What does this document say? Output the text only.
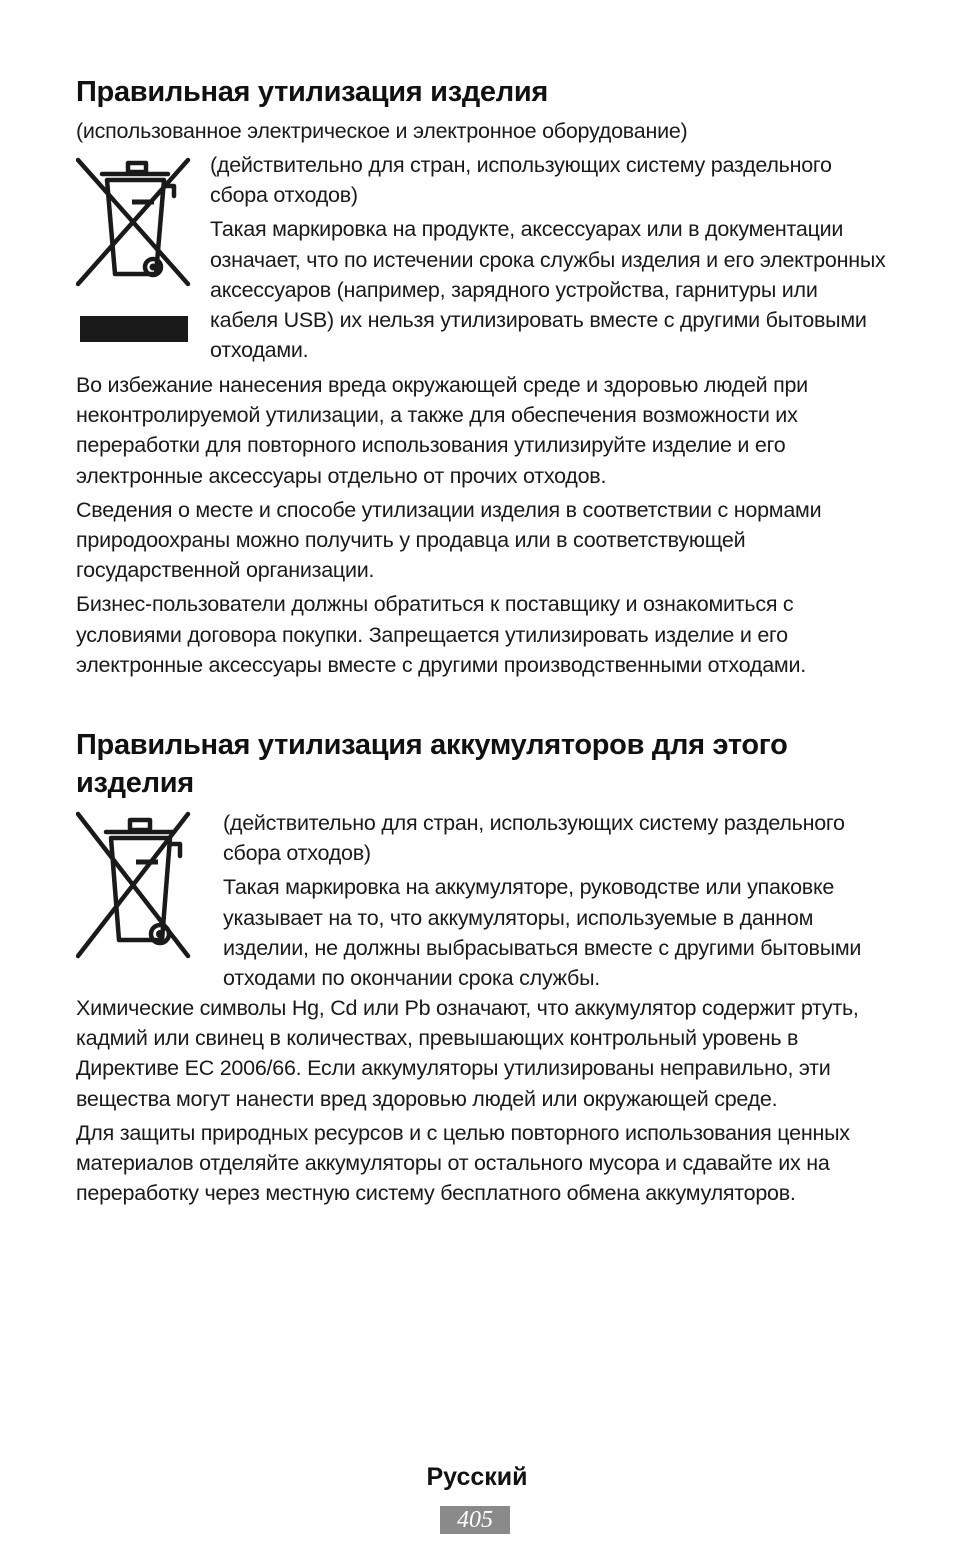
Правильная утилизация изделия

(использованное электрическое и электронное оборудование)

(действительно для стран, использующих систему раздельного сбора отходов)

Такая маркировка на продукте, аксессуарах или в документации означает, что по истечении срока службы изделия и его электронных аксессуаров (например, зарядного устройства, гарнитуры или кабеля USB) их нельзя утилизировать вместе с другими бытовыми отходами.

Во избежание нанесения вреда окружающей среде и здоровью людей при неконтролируемой утилизации, а также для обеспечения возможности их переработки для повторного использования утилизируйте изделие и его электронные аксессуары отдельно от прочих отходов.

Сведения о месте и способе утилизации изделия в соответствии с нормами природоохраны можно получить у продавца или в соответствующей государственной организации.

Бизнес-пользователи должны обратиться к поставщику и ознакомиться с условиями договора покупки. Запрещается утилизировать изделие и его электронные аксессуары вместе с другими производственными отходами.

Правильная утилизация аккумуляторов для этого изделия

(действительно для стран, использующих систему раздельного сбора отходов)

Такая маркировка на аккумуляторе, руководстве или упаковке указывает на то, что аккумуляторы, используемые в данном изделии, не должны выбрасываться вместе с другими бытовыми отходами по окончании срока службы.

Химические символы Hg, Cd или Pb означают, что аккумулятор содержит ртуть, кадмий или свинец в количествах, превышающих контрольный уровень в Директиве ЕС 2006/66. Если аккумуляторы утилизированы неправильно, эти вещества могут нанести вред здоровью людей или окружающей среде.

Для защиты природных ресурсов и с целью повторного использования ценных материалов отделяйте аккумуляторы от остального мусора и сдавайте их на переработку через местную систему бесплатного обмена аккумуляторов.

Русский
405
